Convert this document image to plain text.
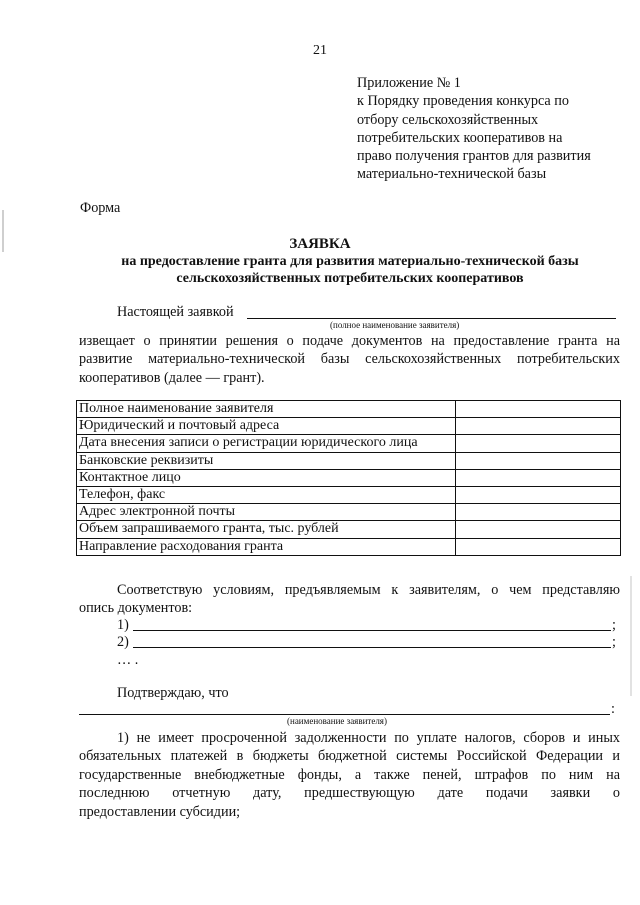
21
Приложение № 1
к Порядку проведения конкурса по
отбору сельскохозяйственных
потребительских кооперативов на
право получения грантов для развития
материально-технической базы
Форма
ЗАЯВКА
на предоставление гранта для развития материально-технической базы
сельскохозяйственных потребительских кооперативов
Настоящей заявкой
(полное наименование заявителя)
извещает о принятии решения о подаче документов на предоставление гранта на
развитие материально-технической базы сельскохозяйственных потребительских
кооперативов (далее — грант).
Полное наименование заявителя	
Юридический и почтовый адреса	
Дата внесения записи о регистрации юридического лица	
Банковские реквизиты	
Контактное лицо	
Телефон, факс	
Адрес электронной почты	
Объем запрашиваемого гранта, тыс. рублей	
Направление расходования гранта	
Соответствую условиям, предъявляемым к заявителям, о чем представляю
опись документов:
1)	;
2)	;
… .
Подтверждаю, что
:
(наименование заявителя)
1) не имеет просроченной задолженности по уплате налогов, сборов и иных
обязательных платежей в бюджеты бюджетной системы Российской Федерации и
государственные внебюджетные фонды, а также пеней, штрафов по ним на
последнюю отчетную дату, предшествующую дате подачи заявки о
предоставлении субсидии;
